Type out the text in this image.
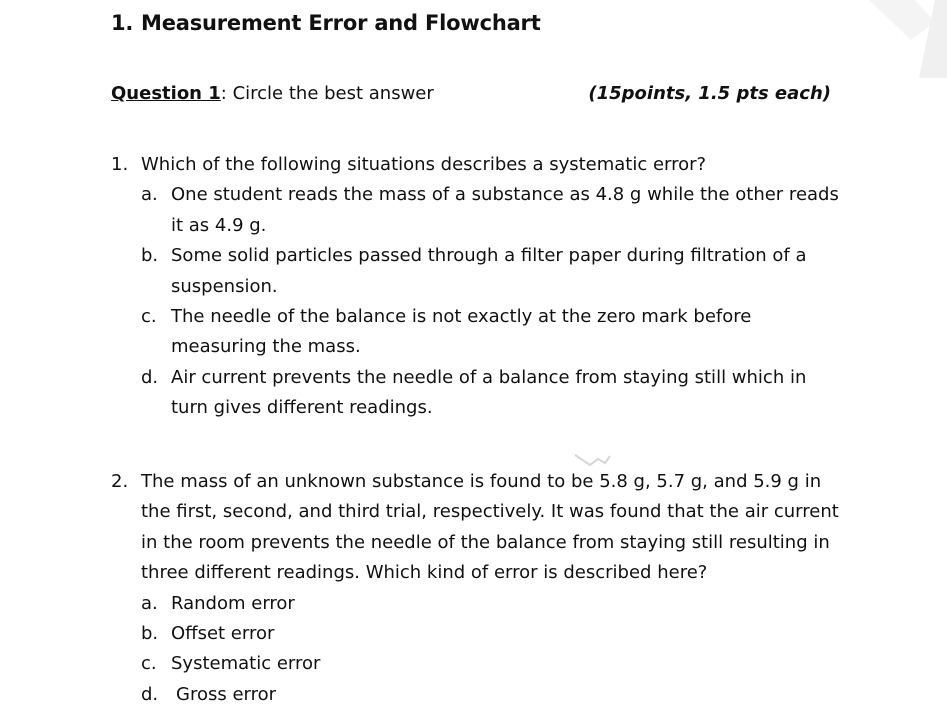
1. Measurement Error and Flowchart
Question 1: Circle the best answer	(15points, 1.5 pts each)
1. Which of the following situations describes a systematic error?
a. One student reads the mass of a substance as 4.8 g while the other reads it as 4.9 g.
b. Some solid particles passed through a filter paper during filtration of a suspension.
c. The needle of the balance is not exactly at the zero mark before measuring the mass.
d. Air current prevents the needle of a balance from staying still which in turn gives different readings.
2. The mass of an unknown substance is found to be 5.8 g, 5.7 g, and 5.9 g in the first, second, and third trial, respectively. It was found that the air current in the room prevents the needle of the balance from staying still resulting in three different readings. Which kind of error is described here?
a. Random error
b. Offset error
c. Systematic error
d. Gross error
